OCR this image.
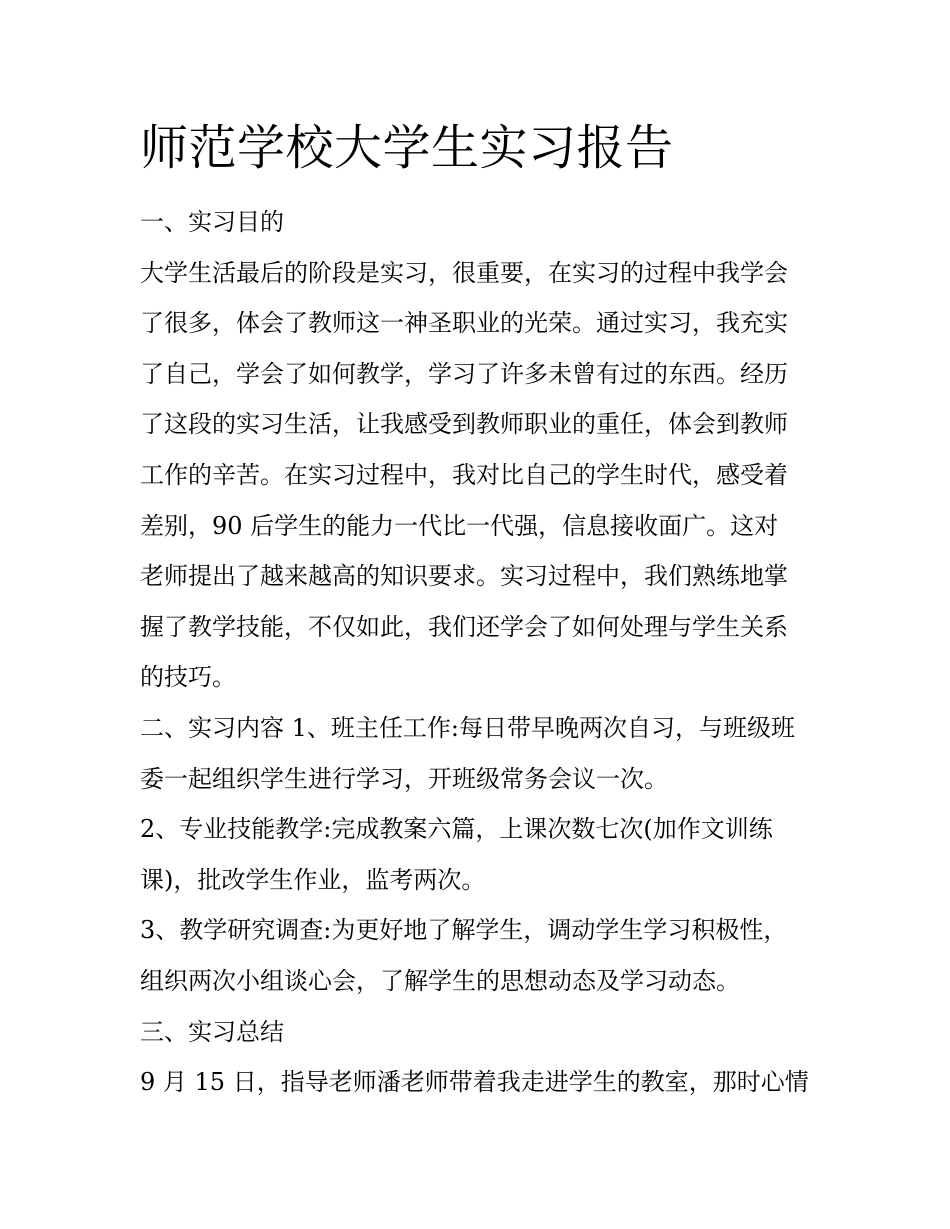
师范学校大学生实习报告
一、实习目的
大学生活最后的阶段是实习，很重要，在实习的过程中我学会
了很多，体会了教师这一神圣职业的光荣。通过实习，我充实
了自己，学会了如何教学，学习了许多未曾有过的东西。经历
了这段的实习生活，让我感受到教师职业的重任，体会到教师
工作的辛苦。在实习过程中，我对比自己的学生时代，感受着
差别，90 后学生的能力一代比一代强，信息接收面广。这对
老师提出了越来越高的知识要求。实习过程中，我们熟练地掌
握了教学技能，不仅如此，我们还学会了如何处理与学生关系
的技巧。
二、实习内容 1、班主任工作:每日带早晚两次自习，与班级班
委一起组织学生进行学习，开班级常务会议一次。
2、专业技能教学:完成教案六篇，上课次数七次(加作文训练
课)，批改学生作业，监考两次。
3、教学研究调查:为更好地了解学生，调动学生学习积极性，
组织两次小组谈心会，了解学生的思想动态及学习动态。
三、实习总结
9 月 15 日，指导老师潘老师带着我走进学生的教室，那时心情
